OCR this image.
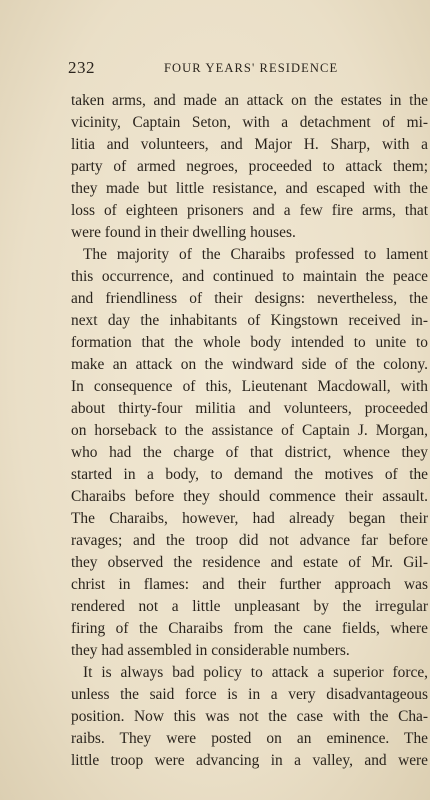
232	FOUR YEARS' RESIDENCE
taken arms, and made an attack on the estates in the
vicinity, Captain Seton, with a detachment of mi-
litia and volunteers, and Major H. Sharp, with a
party of armed negroes, proceeded to attack them;
they made but little resistance, and escaped with the
loss of eighteen prisoners and a few fire arms, that
were found in their dwelling houses.
The majority of the Charaibs professed to lament
this occurrence, and continued to maintain the peace
and friendliness of their designs: nevertheless, the
next day the inhabitants of Kingstown received in-
formation that the whole body intended to unite to
make an attack on the windward side of the colony.
In consequence of this, Lieutenant Macdowall, with
about thirty-four militia and volunteers, proceeded
on horseback to the assistance of Captain J. Morgan,
who had the charge of that district, whence they
started in a body, to demand the motives of the
Charaibs before they should commence their assault.
The Charaibs, however, had already began their
ravages; and the troop did not advance far before
they observed the residence and estate of Mr. Gil-
christ in flames: and their further approach was
rendered not a little unpleasant by the irregular
firing of the Charaibs from the cane fields, where
they had assembled in considerable numbers.
It is always bad policy to attack a superior force,
unless the said force is in a very disadvantageous
position. Now this was not the case with the Cha-
raibs. They were posted on an eminence. The
little troop were advancing in a valley, and were
